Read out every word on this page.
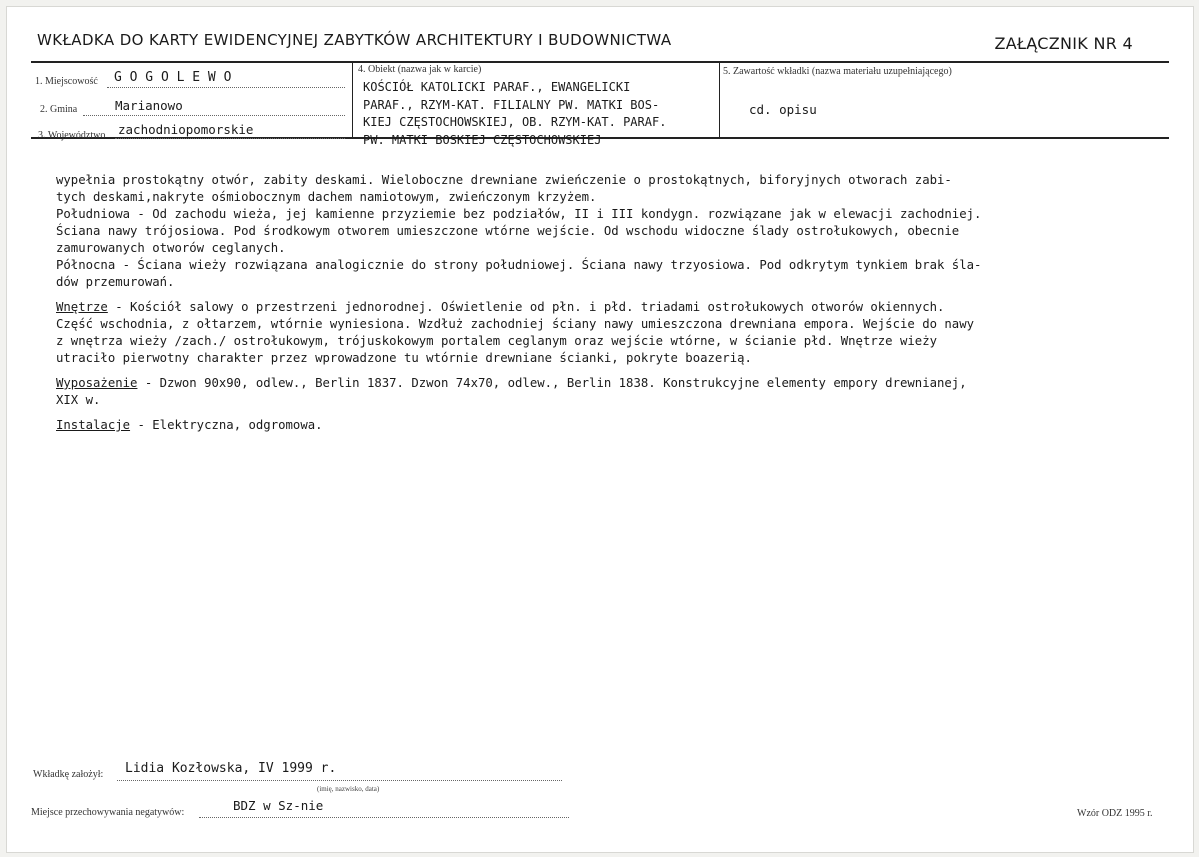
WKŁADKA DO KARTY EWIDENCYJNEJ ZABYTKÓW ARCHITEKTURY I BUDOWNICTWA	ZAŁĄCZNIK NR 4
1. Miejscowość G O G O L E W O
2. Gmina	Marianowo
3. Województwo zachodniopomorskie
4. Obiekt (nazwa jak w karcie)
KOŚCIÓŁ KATOLICKI PARAF., EWANGELICKI
PARAF., RZYM-KAT. FILIALNY PW. MATKI BOS-
KIEJ CZĘSTOCHOWSKIEJ, OB. RZYM-KAT. PARAF.
PW. MATKI BOSKIEJ CZĘSTOCHOWSKIEJ
5. Zawartość wkładki (nazwa materiału uzupełniającego)
cd. opisu
wypełnia prostokątny otwór, zabity deskami. Wieloboczne drewniane zwieńczenie o prostokątnych, biforyjnych otworach zabi-
tych deskami,nakryte ośmiobocznym dachem namiotowym, zwieńczonym krzyżem.
Południowa - Od zachodu wieża, jej kamienne przyziemie bez podziałów, II i III kondygn. rozwiązane jak w elewacji zachodniej.
Ściana nawy trójosiowa. Pod środkowym otworem umieszczone wtórne wejście. Od wschodu widoczne ślady ostrołukowych, obecnie
zamurowanych otworów ceglanych.
Północna - Ściana wieży rozwiązana analogicznie do strony południowej. Ściana nawy trzyosiowa. Pod odkrytym tynkiem brak śla-
dów przemurowań.
Wnętrze - Kościół salowy o przestrzeni jednorodnej. Oświetlenie od płn. i płd. triadami ostrołukowych otworów okiennych.
Część wschodnia, z ołtarzem, wtórnie wyniesiona. Wzdłuż zachodniej ściany nawy umieszczona drewniana empora. Wejście do nawy
z wnętrza wieży /zach./ ostrołukowym, trójuskokowym portalem ceglanym oraz wejście wtórne, w ścianie płd. Wnętrze wieży
utraciło pierwotny charakter przez wprowadzone tu wtórnie drewniane ścianki, pokryte boazerią.
Wyposażenie - Dzwon 90x90, odlew., Berlin 1837. Dzwon 74x70, odlew., Berlin 1838. Konstrukcyjne elementy empory drewnianej,
XIX w.
Instalacje - Elektryczna, odgromowa.
Wkładkę założył: Lidia Kozłowska, IV 1999 r.
(imię, nazwisko, data)
Miejsce przechowywania negatywów:	BDZ w Sz-nie
Wzór ODZ 1995 r.
